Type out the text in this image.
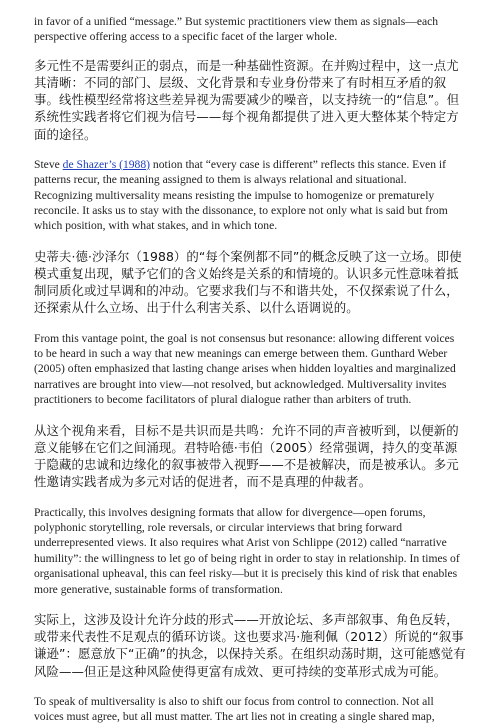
in favor of a unified “message.” But systemic practitioners view them as signals—each perspective offering access to a specific facet of the larger whole.

多元性不是需要纠正的弱点，而是一种基础性资源。在并购过程中，这一点尤其清晰：不同的部门、层级、文化背景和专业身份带来了有时相互矛盾的叙事。线性模型经常将这些差异视为需要减少的噪音，以支持统一的“信息”。但系统性实践者将它们视为信号——每个视角都提供了进入更大整体某个特定方面的途径。

Steve de Shazer’s (1988) notion that “every case is different” reflects this stance. Even if patterns recur, the meaning assigned to them is always relational and situational. Recognizing multiversality means resisting the impulse to homogenize or prematurely reconcile. It asks us to stay with the dissonance, to explore not only what is said but from which position, with what stakes, and in which tone.

史蒂夫·德·沙泽尔（1988）的“每个案例都不同”的概念反映了这一立场。即使模式重复出现，赋予它们的含义始终是关系的和情境的。认识多元性意味着抵制同质化或过早调和的冲动。它要求我们与不和谐共处，不仅探索说了什么，还探索从什么立场、出于什么利害关系、以什么语调说的。

From this vantage point, the goal is not consensus but resonance: allowing different voices to be heard in such a way that new meanings can emerge between them. Gunthard Weber (2005) often emphasized that lasting change arises when hidden loyalties and marginalized narratives are brought into view—not resolved, but acknowledged. Multiversality invites practitioners to become facilitators of plural dialogue rather than arbiters of truth.

从这个视角来看，目标不是共识而是共鸣：允许不同的声音被听到，以便新的意义能够在它们之间涌现。君特哈德·韦伯（2005）经常强调，持久的变革源于隐藏的忠诚和边缘化的叙事被带入视野——不是被解决，而是被承认。多元性邀请实践者成为多元对话的促进者，而不是真理的仲裁者。

Practically, this involves designing formats that allow for divergence—open forums, polyphonic storytelling, role reversals, or circular interviews that bring forward underrepresented views. It also requires what Arist von Schlippe (2012) called “narrative humility”: the willingness to let go of being right in order to stay in relationship. In times of organisational upheaval, this can feel risky—but it is precisely this kind of risk that enables more generative, sustainable forms of transformation.

实际上，这涉及设计允许分歧的形式——开放论坛、多声部叙事、角色反转，或带来代表性不足观点的循环访谈。这也要求冯·施利佩（2012）所说的“叙事谦逊”：愿意放下“正确”的执念，以保持关系。在组织动荡时期，这可能感觉有风险——但正是这种风险使得更富有成效、更可持续的变革形式成为可能。

To speak of multiversality is also to shift our focus from control to connection. Not all voices must agree, but all must matter. The art lies not in creating a single shared map,
